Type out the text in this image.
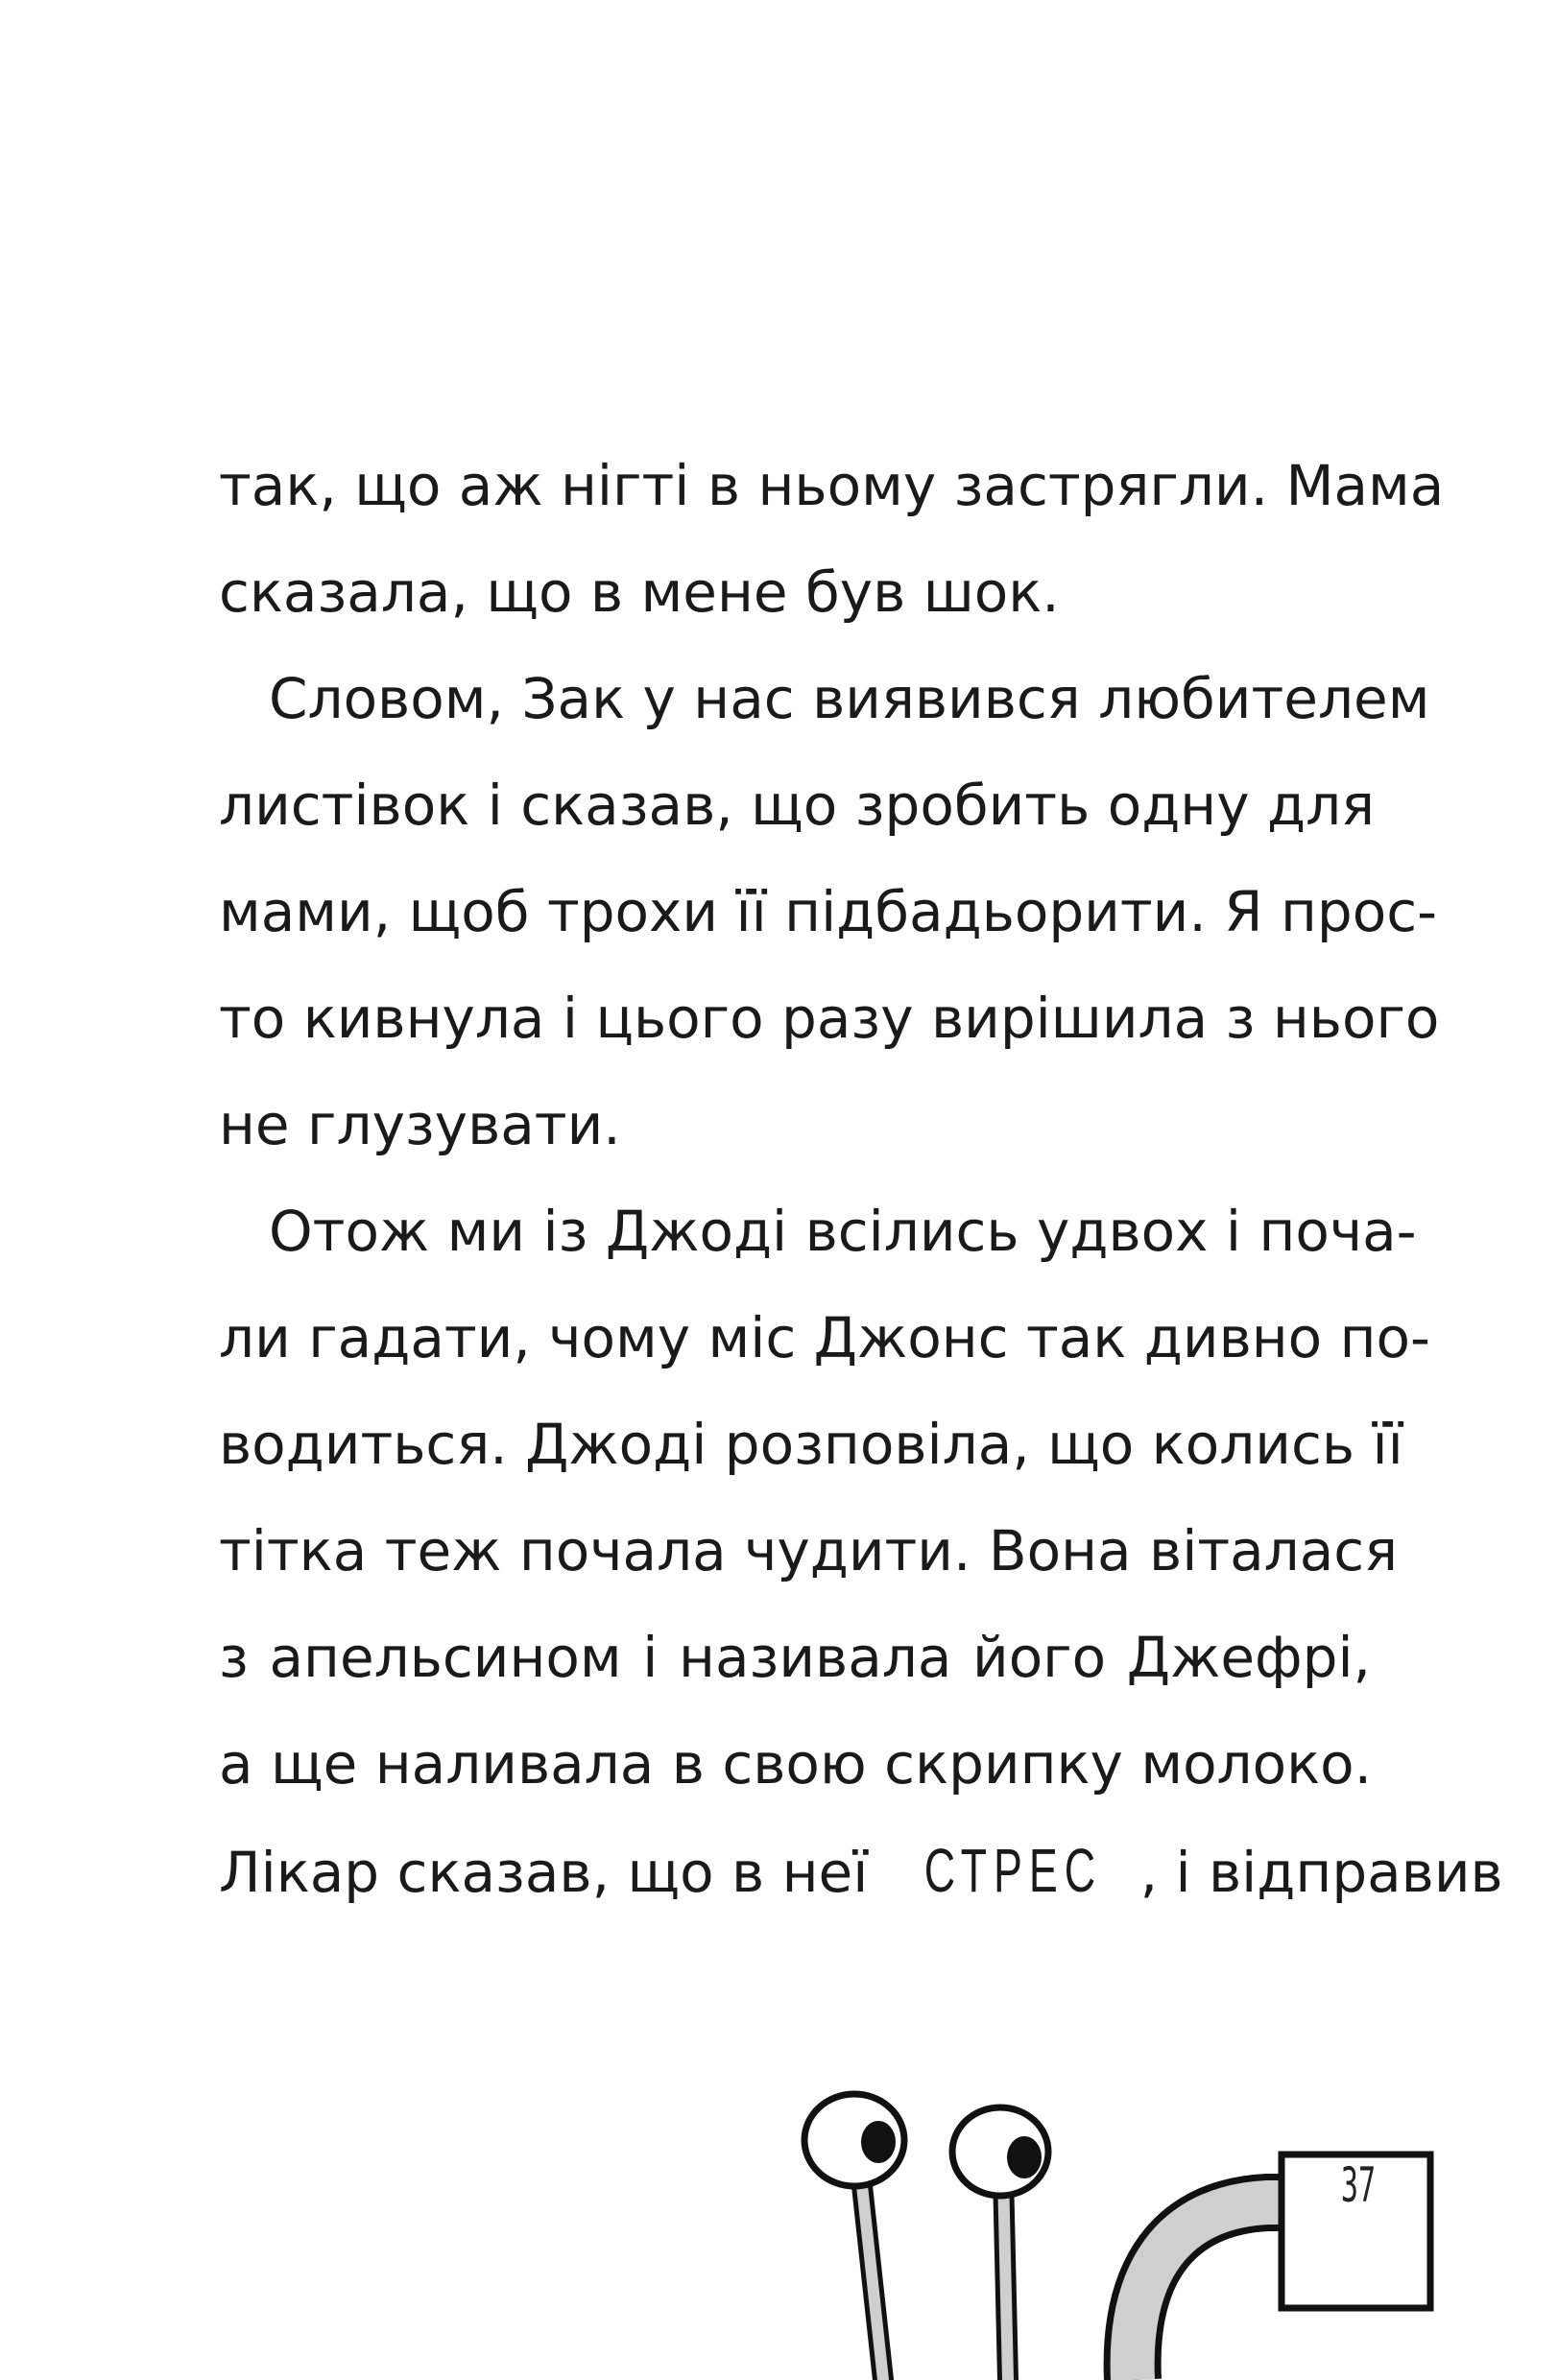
так, що аж нігті в ньому застрягли. Мама
сказала, що в мене був шок.
Словом, Зак у нас виявився любителем
листівок і сказав, що зробить одну для
мами, щоб трохи її підбадьорити. Я прос-
то кивнула і цього разу вирішила з нього
не глузувати.
Отож ми із Джоді всілись удвох і поча-
ли гадати, чому міс Джонс так дивно по-
водиться. Джоді розповіла, що колись її
тітка теж почала чудити. Вона віталася
з апельсином і називала його Джефрі,
а ще наливала в свою скрипку молоко.
Лікар сказав, що в неї СТРЕС , і відправив
37
